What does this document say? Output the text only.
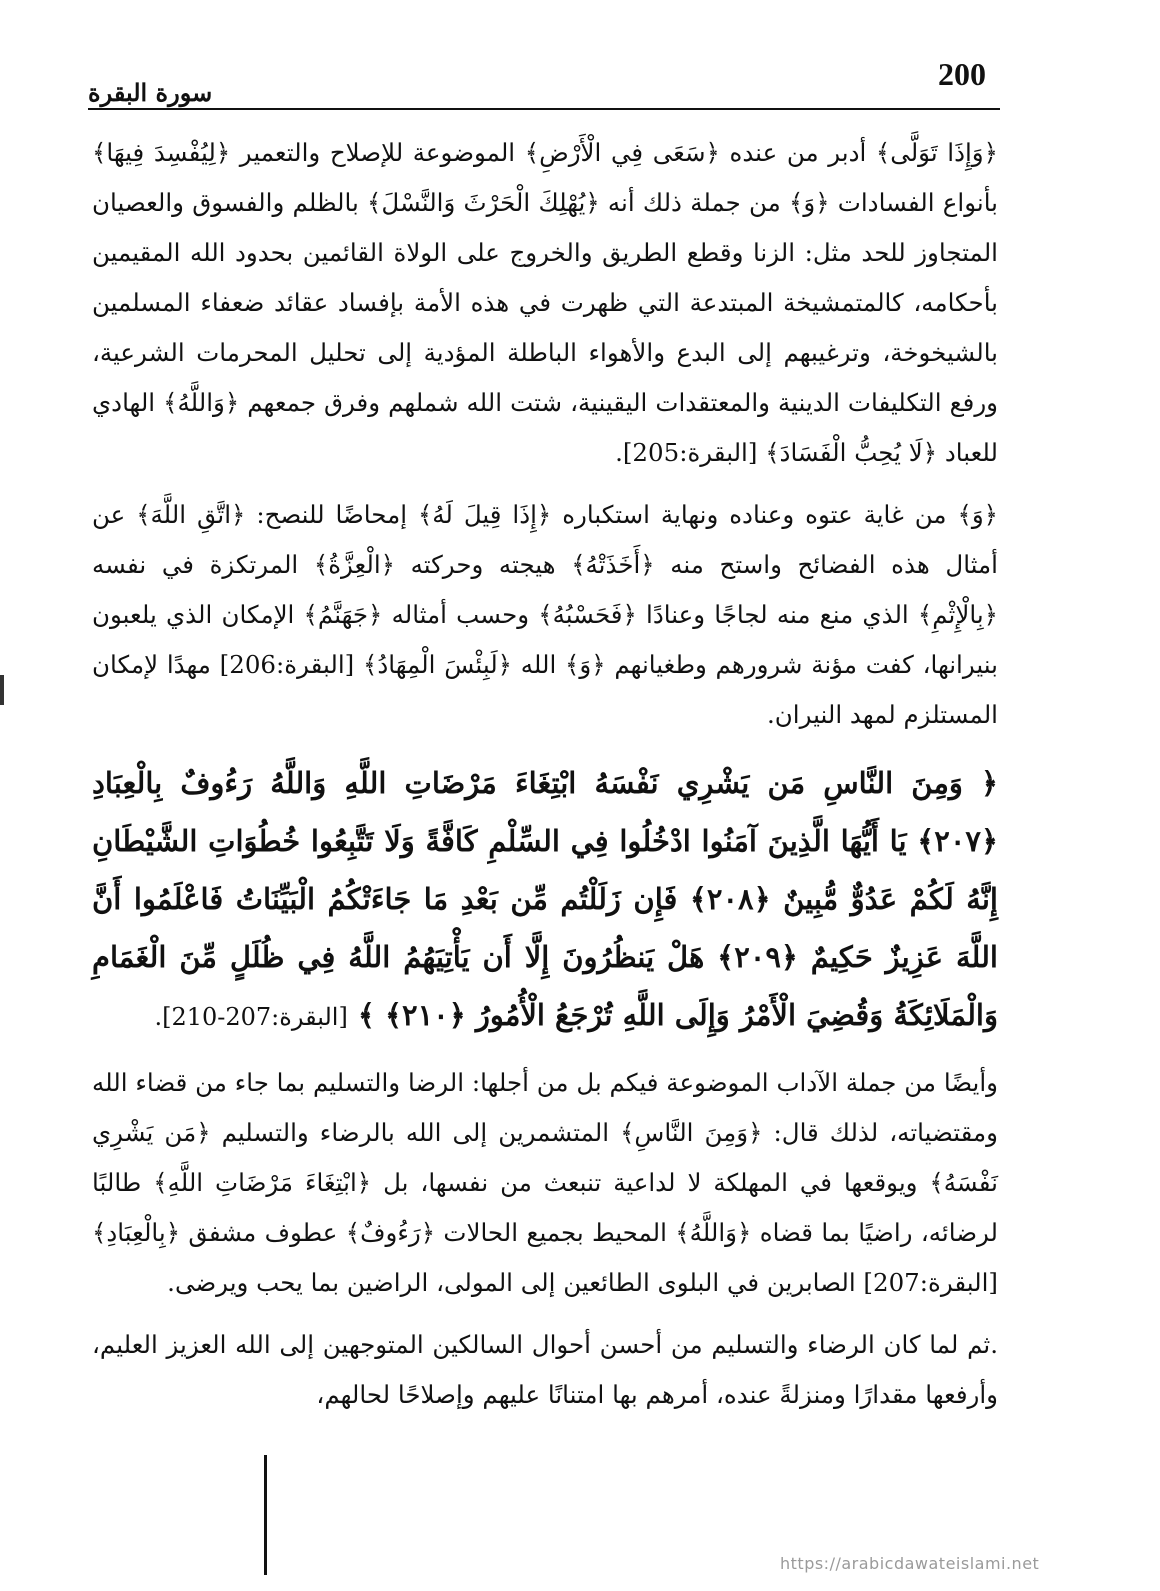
200
سورة البقرة

﴿وَإِذَا تَوَلَّى﴾ أدبر من عنده ﴿سَعَى فِي الْأَرْضِ﴾ الموضوعة للإصلاح والتعمير ﴿لِيُفْسِدَ فِيهَا﴾ بأنواع الفسادات ﴿وَ﴾ من جملة ذلك أنه ﴿يُهْلِكَ الْحَرْثَ وَالنَّسْلَ﴾ بالظلم والفسوق والعصيان المتجاوز للحد مثل: الزنا وقطع الطريق والخروج على الولاة القائمين بحدود الله المقيمين بأحكامه، كالمتمشيخة المبتدعة التي ظهرت في هذه الأمة بإفساد عقائد ضعفاء المسلمين بالشيخوخة، وترغيبهم إلى البدع والأهواء الباطلة المؤدية إلى تحليل المحرمات الشرعية، ورفع التكليفات الدينية والمعتقدات اليقينية، شتت الله شملهم وفرق جمعهم ﴿وَاللَّهُ﴾ الهادي للعباد ﴿لَا يُحِبُّ الْفَسَادَ﴾ [البقرة:205].

﴿وَ﴾ من غاية عتوه وعناده ونهاية استكباره ﴿إِذَا قِيلَ لَهُ﴾ إمحاضًا للنصح: ﴿اتَّقِ اللَّهَ﴾ عن أمثال هذه الفضائح واستح منه ﴿أَخَذَتْهُ﴾ هيجته وحركته ﴿الْعِزَّةُ﴾ المرتكزة في نفسه ﴿بِالْإِثْمِ﴾ الذي منع منه لجاجًا وعنادًا ﴿فَحَسْبُهُ﴾ وحسب أمثاله ﴿جَهَنَّمُ﴾ الإمكان الذي يلعبون بنيرانها، كفت مؤنة شرورهم وطغيانهم ﴿وَ﴾ الله ﴿لَبِئْسَ الْمِهَادُ﴾ [البقرة:206] مهدًا لإمكان المستلزم لمهد النيران.

﴿ وَمِنَ النَّاسِ مَن يَشْرِي نَفْسَهُ ابْتِغَاءَ مَرْضَاتِ اللَّهِ وَاللَّهُ رَءُوفٌ بِالْعِبَادِ ﴿٢٠٧﴾ يَا أَيُّهَا الَّذِينَ آمَنُوا ادْخُلُوا فِي السِّلْمِ كَافَّةً وَلَا تَتَّبِعُوا خُطُوَاتِ الشَّيْطَانِ إِنَّهُ لَكُمْ عَدُوٌّ مُّبِينٌ ﴿٢٠٨﴾ فَإِن زَلَلْتُم مِّن بَعْدِ مَا جَاءَتْكُمُ الْبَيِّنَاتُ فَاعْلَمُوا أَنَّ اللَّهَ عَزِيزٌ حَكِيمٌ ﴿٢٠٩﴾ هَلْ يَنظُرُونَ إِلَّا أَن يَأْتِيَهُمُ اللَّهُ فِي ظُلَلٍ مِّنَ الْغَمَامِ وَالْمَلَائِكَةُ وَقُضِيَ الْأَمْرُ وَإِلَى اللَّهِ تُرْجَعُ الْأُمُورُ ﴿٢١٠﴾ ﴾ [البقرة:207-210].

وأيضًا من جملة الآداب الموضوعة فيكم بل من أجلها: الرضا والتسليم بما جاء من قضاء الله ومقتضياته، لذلك قال: ﴿وَمِنَ النَّاسِ﴾ المتشمرين إلى الله بالرضاء والتسليم ﴿مَن يَشْرِي نَفْسَهُ﴾ ويوقعها في المهلكة لا لداعية تنبعث من نفسها، بل ﴿ابْتِغَاءَ مَرْضَاتِ اللَّهِ﴾ طالبًا لرضائه، راضيًا بما قضاه ﴿وَاللَّهُ﴾ المحيط بجميع الحالات ﴿رَءُوفٌ﴾ عطوف مشفق ﴿بِالْعِبَادِ﴾ [البقرة:207] الصابرين في البلوى الطائعين إلى المولى، الراضين بما يحب ويرضى.

.ثم لما كان الرضاء والتسليم من أحسن أحوال السالكين المتوجهين إلى الله العزيز العليم، وأرفعها مقدارًا ومنزلةً عنده، أمرهم بها امتنانًا عليهم وإصلاحًا لحالهم،

https://arabicdawateislami.net
